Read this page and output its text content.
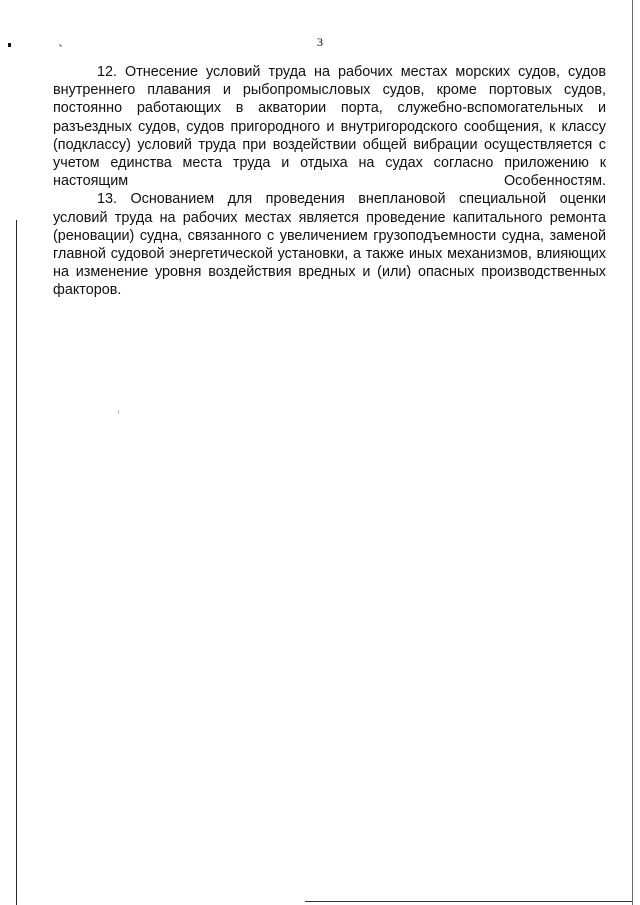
3

12. Отнесение условий труда на рабочих местах морских судов, судов внутреннего плавания и рыбопромысловых судов, кроме портовых судов, постоянно работающих в акватории порта, служебно-вспомогательных и разъездных судов, судов пригородного и внутригородского сообщения, к классу (подклассу) условий труда при воздействии общей вибрации осуществляется с учетом единства места труда и отдыха на судах согласно приложению к настоящим Особенностям.

13. Основанием для проведения внеплановой специальной оценки условий труда на рабочих местах является проведение капитального ремонта (реновации) судна, связанного с увеличением грузоподъемности судна, заменой главной судовой энергетической установки, а также иных механизмов, влияющих на изменение уровня воздействия вредных и (или) опасных производственных факторов.
